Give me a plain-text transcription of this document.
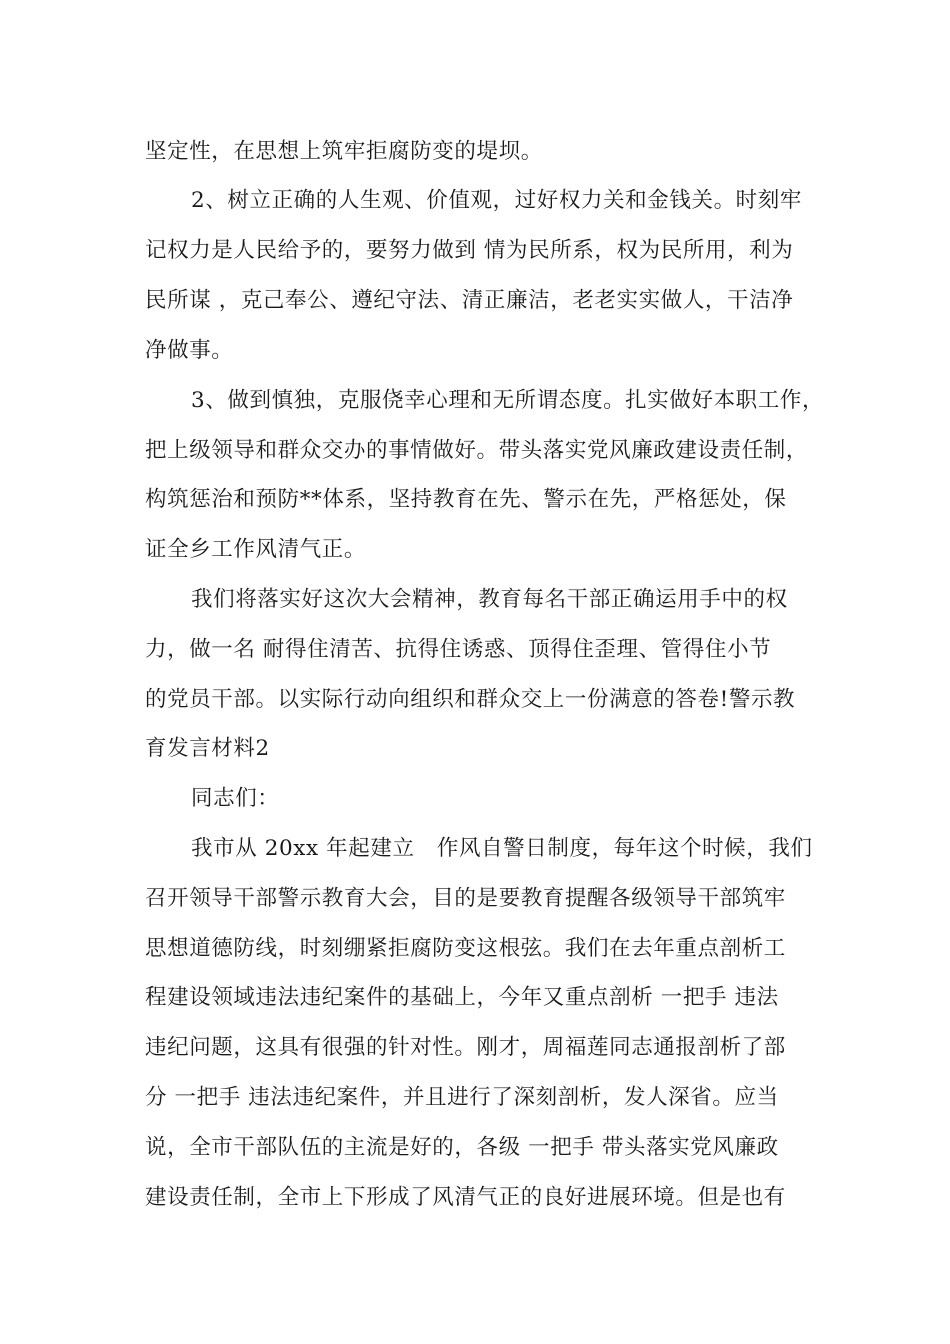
坚定性，在思想上筑牢拒腐防变的堤坝。
2、树立正确的人生观、价值观，过好权力关和金钱关。时刻牢
记权力是人民给予的，要努力做到 情为民所系，权为民所用，利为
民所谋 ，克己奉公、遵纪守法、清正廉洁，老老实实做人，干洁净
净做事。
3、做到慎独，克服侥幸心理和无所谓态度。扎实做好本职工作，
把上级领导和群众交办的事情做好。带头落实党风廉政建设责任制，
构筑惩治和预防**体系，坚持教育在先、警示在先，严格惩处，保
证全乡工作风清气正。
我们将落实好这次大会精神，教育每名干部正确运用手中的权
力，做一名 耐得住清苦、抗得住诱惑、顶得住歪理、管得住小节
的党员干部。以实际行动向组织和群众交上一份满意的答卷!警示教
育发言材料2
同志们：
我市从 20xx 年起建立   作风自警日制度，每年这个时候，我们
召开领导干部警示教育大会，目的是要教育提醒各级领导干部筑牢
思想道德防线，时刻绷紧拒腐防变这根弦。我们在去年重点剖析工
程建设领域违法违纪案件的基础上，今年又重点剖析 一把手 违法
违纪问题，这具有很强的针对性。刚才，周福莲同志通报剖析了部
分 一把手 违法违纪案件，并且进行了深刻剖析，发人深省。应当
说，全市干部队伍的主流是好的，各级 一把手 带头落实党风廉政
建设责任制，全市上下形成了风清气正的良好进展环境。但是也有
